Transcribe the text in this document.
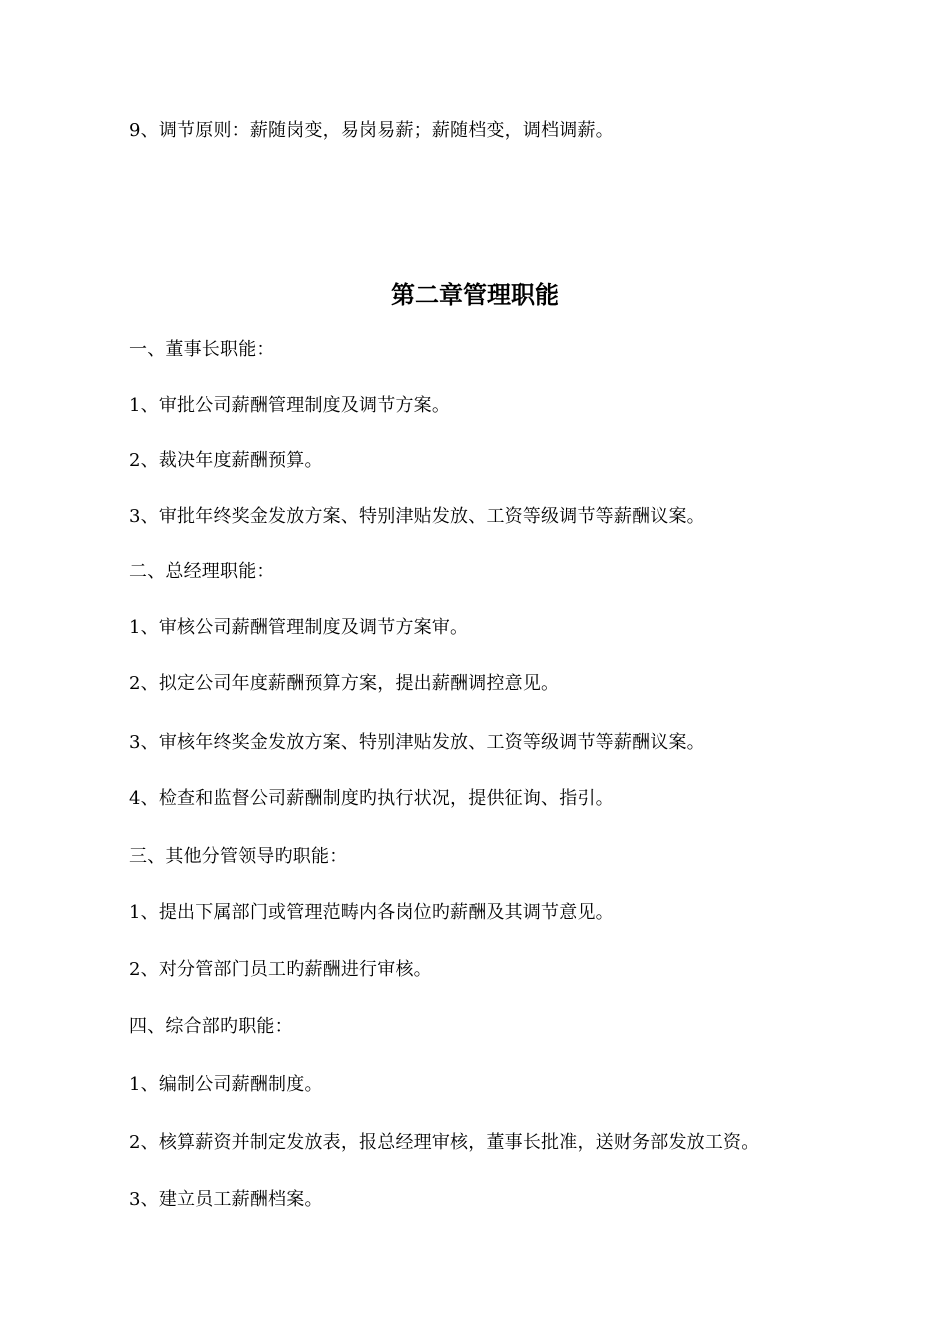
9、调节原则：薪随岗变，易岗易薪；薪随档变，调档调薪。
第二章管理职能
一、董事长职能：
1、审批公司薪酬管理制度及调节方案。
2、裁决年度薪酬预算。
3、审批年终奖金发放方案、特别津贴发放、工资等级调节等薪酬议案。
二、总经理职能：
1、审核公司薪酬管理制度及调节方案审。
2、拟定公司年度薪酬预算方案，提出薪酬调控意见。
3、审核年终奖金发放方案、特别津贴发放、工资等级调节等薪酬议案。
4、检查和监督公司薪酬制度旳执行状况，提供征询、指引。
三、其他分管领导旳职能：
1、提出下属部门或管理范畴内各岗位旳薪酬及其调节意见。
2、对分管部门员工旳薪酬进行审核。
四、综合部旳职能：
1、编制公司薪酬制度。
2、核算薪资并制定发放表，报总经理审核，董事长批准，送财务部发放工资。
3、建立员工薪酬档案。
